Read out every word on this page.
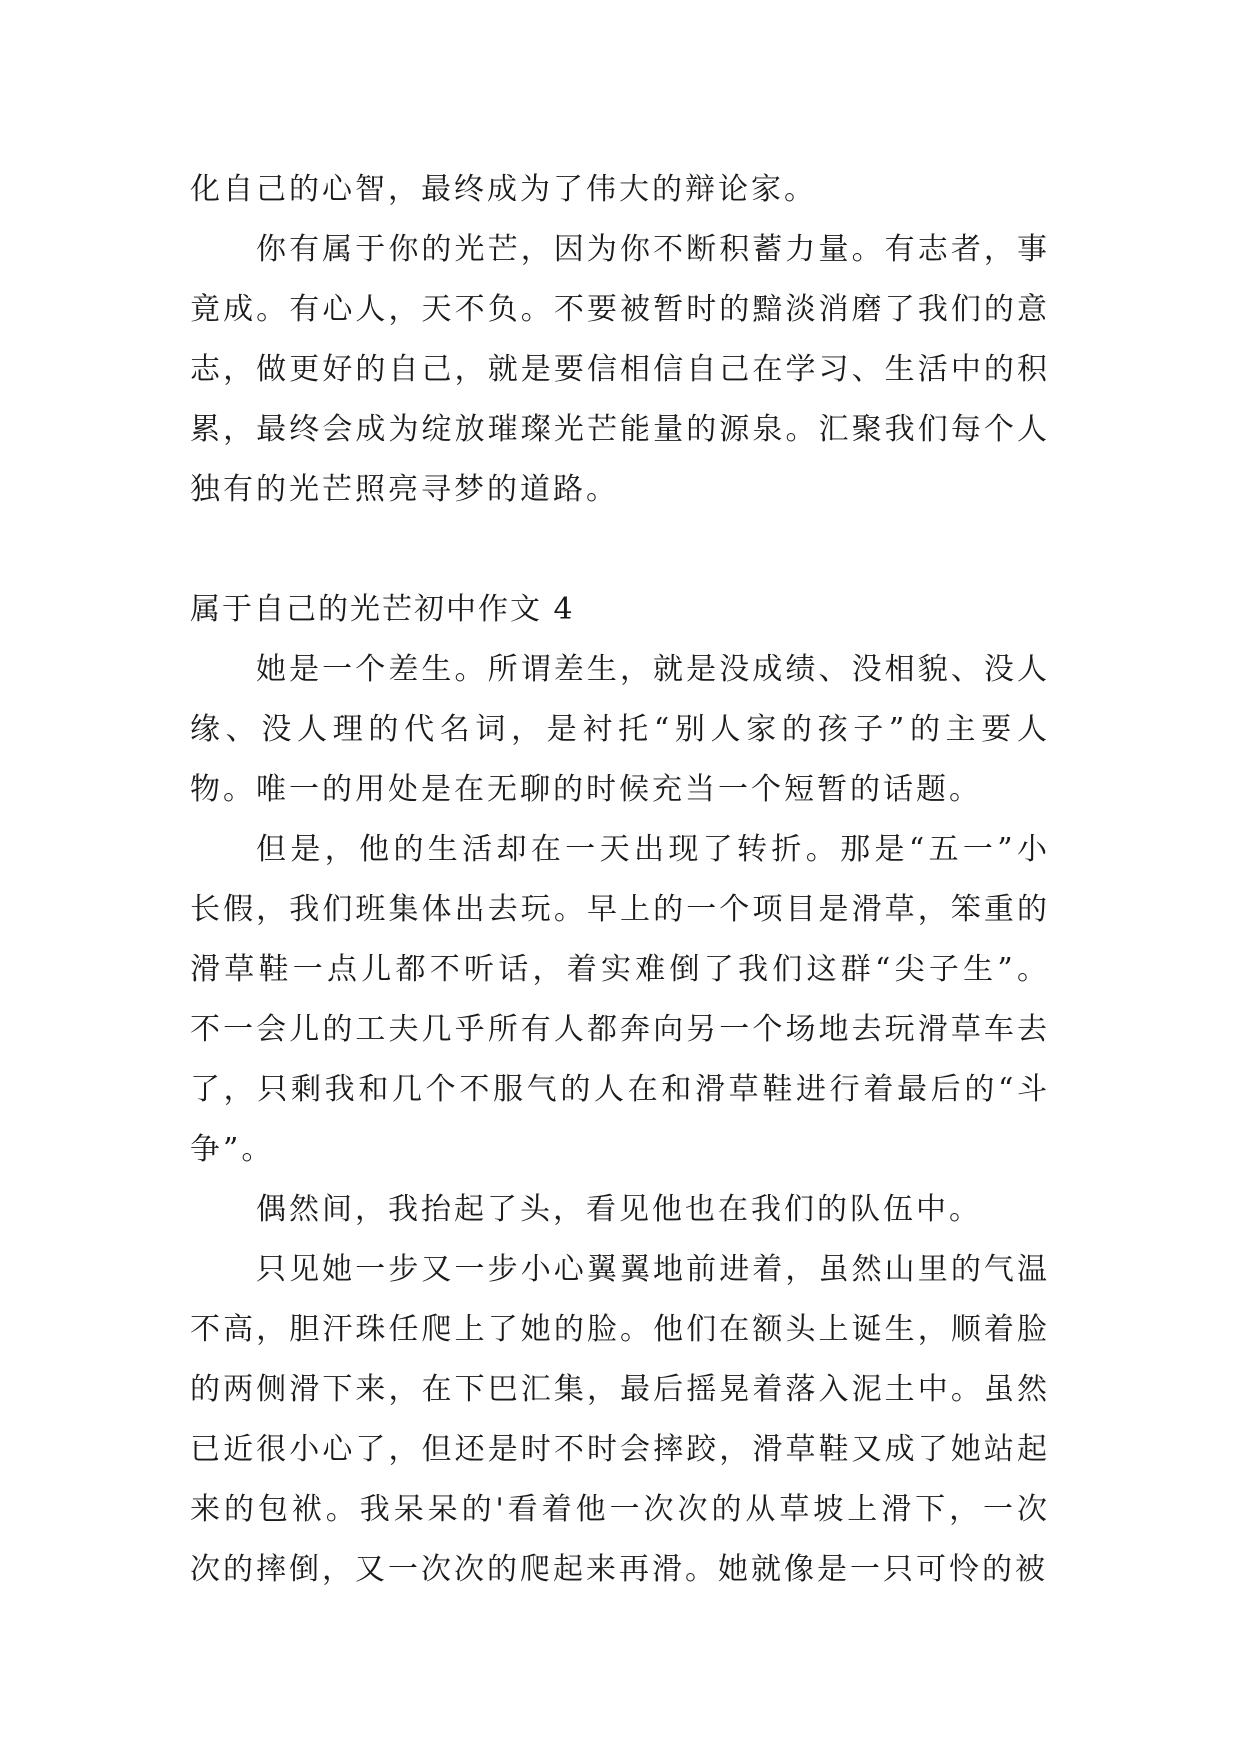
化自己的心智，最终成为了伟大的辩论家。

你有属于你的光芒，因为你不断积蓄力量。有志者，事竟成。有心人，天不负。不要被暂时的黯淡消磨了我们的意志，做更好的自己，就是要信相信自己在学习、生活中的积累，最终会成为绽放璀璨光芒能量的源泉。汇聚我们每个人独有的光芒照亮寻梦的道路。

属于自己的光芒初中作文 4

她是一个差生。所谓差生，就是没成绩、没相貌、没人缘、没人理的代名词，是衬托“别人家的孩子”的主要人物。唯一的用处是在无聊的时候充当一个短暂的话题。

但是，他的生活却在一天出现了转折。那是“五一”小长假，我们班集体出去玩。早上的一个项目是滑草，笨重的滑草鞋一点儿都不听话，着实难倒了我们这群“尖子生”。不一会儿的工夫几乎所有人都奔向另一个场地去玩滑草车去了，只剩我和几个不服气的人在和滑草鞋进行着最后的“斗争”。

偶然间，我抬起了头，看见他也在我们的队伍中。

只见她一步又一步小心翼翼地前进着，虽然山里的气温不高，胆汗珠任爬上了她的脸。他们在额头上诞生，顺着脸的两侧滑下来，在下巴汇集，最后摇晃着落入泥土中。虽然已近很小心了，但还是时不时会摔跤，滑草鞋又成了她站起来的包袱。我呆呆的'看着他一次次的从草坡上滑下，一次次的摔倒，又一次次的爬起来再滑。她就像是一只可怜的被
